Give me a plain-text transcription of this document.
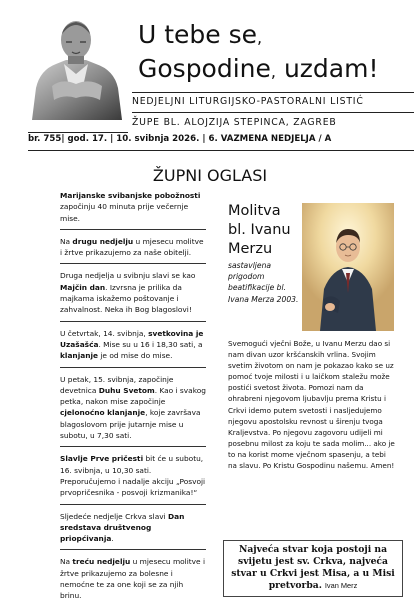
U tebe se,
Gospodine, uzdam!
NEDJELJNI LITURGIJSKO-PASTORALNI LISTIĆ
ŽUPE BL. ALOJZIJA STEPINCA, ZAGREB
br. 755| god. 17. | 10. svibnja 2026. | 6. VAZMENA NEDJELJA / A
ŽUPNI OGLASI
Marijanske svibanjske pobožnosti započinju 40 minuta prije večernje mise.
Na drugu nedjelju u mjesecu molitve i žrtve prikazujemo za naše obitelji.
Druga nedjelja u svibnju slavi se kao Majčin dan. Izvrsna je prilika da majkama iskažemo poštovanje i zahvalnost. Neka ih Bog blagoslovi!
U četvrtak, 14. svibnja, svetkovina je Uzašašća. Mise su u 16 i 18,30 sati, a klanjanje je od mise do mise.
U petak, 15. svibnja, započinje devetnica Duhu Svetom. Kao i svakog petka, nakon mise započinje cjelonoćno klanjanje, koje završava blagoslovom prije jutarnje mise u subotu, u 7,30 sati.
Slavlje Prve pričesti bit će u subotu, 16. svibnja, u 10,30 sati. Preporučujemo i nadalje akciju „Posvoji prvopričesnika - posvoji krizmanika!“
Sljedeće nedjelje Crkva slavi Dan sredstava društvenog priopćivanja.
Na treću nedjelju u mjesecu molitve i žrtve prikazujemo za bolesne i nemoćne te za one koji se za njih brinu.
Molitva bl. Ivanu Merzu
sastavljena prigodom beatifikacije bl. Ivana Merza 2003.
Svemogući vječni Bože, u Ivanu Merzu dao si nam divan uzor kršćanskih vrlina. Svojim svetim životom on nam je pokazao kako se uz pomoć tvoje milosti i u laičkom staležu može postići svetost života. Pomozi nam da ohrabreni njegovom ljubavlju prema Kristu i Crkvi idemo putem svetosti i nasljedujemo njegovu apostolsku revnost u širenju tvoga Kraljevstva. Po njegovu zagovoru udijeli mi posebnu milost za koju te sada molim... ako je to na korist mome vječnom spasenju, a tebi na slavu. Po Kristu Gospodinu našemu. Amen!
Najveća stvar koja postoji na svijetu jest sv. Crkva, najveća stvar u Crkvi jest Misa, a u Misi pretvorba. Ivan Merz
